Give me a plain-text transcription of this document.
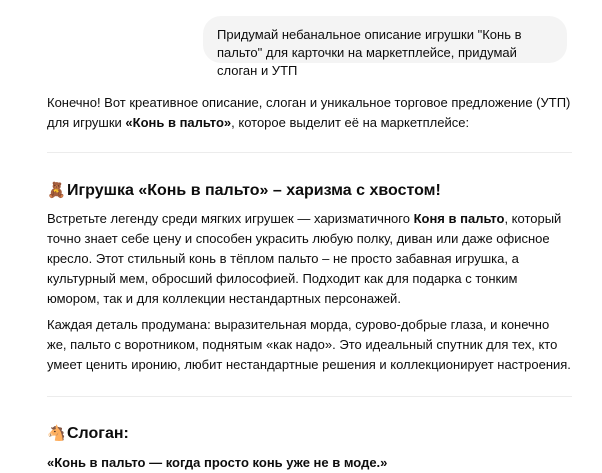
Придумай небанальное описание игрушки "Конь в пальто" для карточки на маркетплейсе, придумай слоган и УТП

Конечно! Вот креативное описание, слоган и уникальное торговое предложение (УТП) для игрушки «Конь в пальто», которое выделит её на маркетплейсе:

🧸 Игрушка «Конь в пальто» – харизма с хвостом!

Встретьте легенду среди мягких игрушек — харизматичного Коня в пальто, который точно знает себе цену и способен украсить любую полку, диван или даже офисное кресло. Этот стильный конь в тёплом пальто – не просто забавная игрушка, а культурный мем, обросший философией. Подходит как для подарка с тонким юмором, так и для коллекции нестандартных персонажей.

Каждая деталь продумана: выразительная морда, сурово-добрые глаза, и конечно же, пальто с воротником, поднятым «как надо». Это идеальный спутник для тех, кто умеет ценить иронию, любит нестандартные решения и коллекционирует настроения.

🐴 Слоган:

«Конь в пальто — когда просто конь уже не в моде.»
